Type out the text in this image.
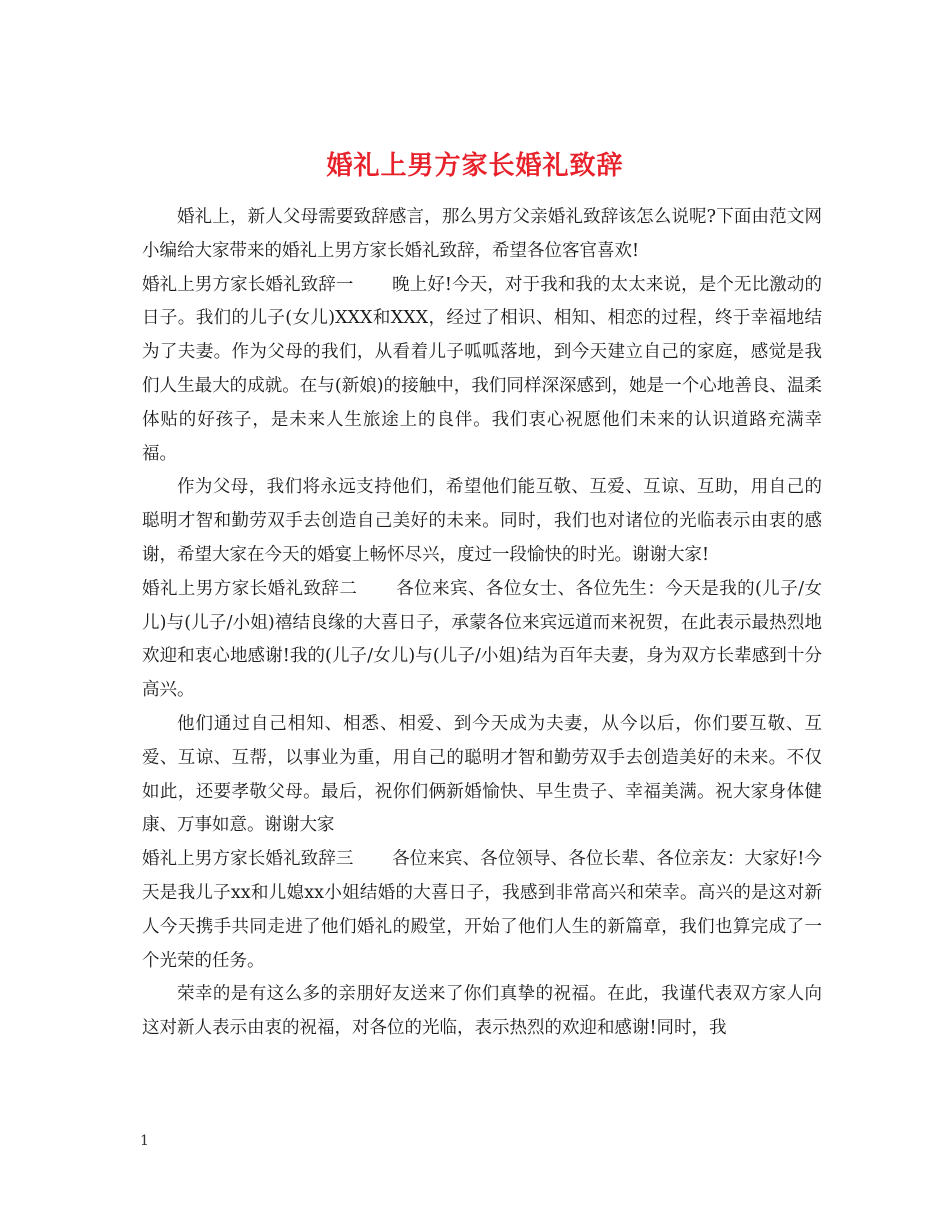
婚礼上男方家长婚礼致辞

婚礼上，新人父母需要致辞感言，那么男方父亲婚礼致辞该怎么说呢?下面由范文网小编给大家带来的婚礼上男方家长婚礼致辞，希望各位客官喜欢!

婚礼上男方家长婚礼致辞一 晚上好!今天，对于我和我的太太来说，是个无比激动的日子。我们的儿子(女儿)XXX和XXX，经过了相识、相知、相恋的过程，终于幸福地结为了夫妻。作为父母的我们，从看着儿子呱呱落地，到今天建立自己的家庭，感觉是我们人生最大的成就。在与(新娘)的接触中，我们同样深深感到，她是一个心地善良、温柔体贴的好孩子，是未来人生旅途上的良伴。我们衷心祝愿他们未来的认识道路充满幸福。

作为父母，我们将永远支持他们，希望他们能互敬、互爱、互谅、互助，用自己的聪明才智和勤劳双手去创造自己美好的未来。同时，我们也对诸位的光临表示由衷的感谢，希望大家在今天的婚宴上畅怀尽兴，度过一段愉快的时光。谢谢大家!

婚礼上男方家长婚礼致辞二 各位来宾、各位女士、各位先生：今天是我的(儿子/女儿)与(儿子/小姐)禧结良缘的大喜日子，承蒙各位来宾远道而来祝贺，在此表示最热烈地欢迎和衷心地感谢!我的(儿子/女儿)与(儿子/小姐)结为百年夫妻，身为双方长辈感到十分高兴。

他们通过自己相知、相悉、相爱、到今天成为夫妻，从今以后，你们要互敬、互爱、互谅、互帮，以事业为重，用自己的聪明才智和勤劳双手去创造美好的未来。不仅如此，还要孝敬父母。最后，祝你们俩新婚愉快、早生贵子、幸福美满。祝大家身体健康、万事如意。谢谢大家

婚礼上男方家长婚礼致辞三 各位来宾、各位领导、各位长辈、各位亲友：大家好!今天是我儿子xx和儿媳xx小姐结婚的大喜日子，我感到非常高兴和荣幸。高兴的是这对新人今天携手共同走进了他们婚礼的殿堂，开始了他们人生的新篇章，我们也算完成了一个光荣的任务。

荣幸的是有这么多的亲朋好友送来了你们真挚的祝福。在此，我谨代表双方家人向这对新人表示由衷的祝福，对各位的光临，表示热烈的欢迎和感谢!同时，我

1
